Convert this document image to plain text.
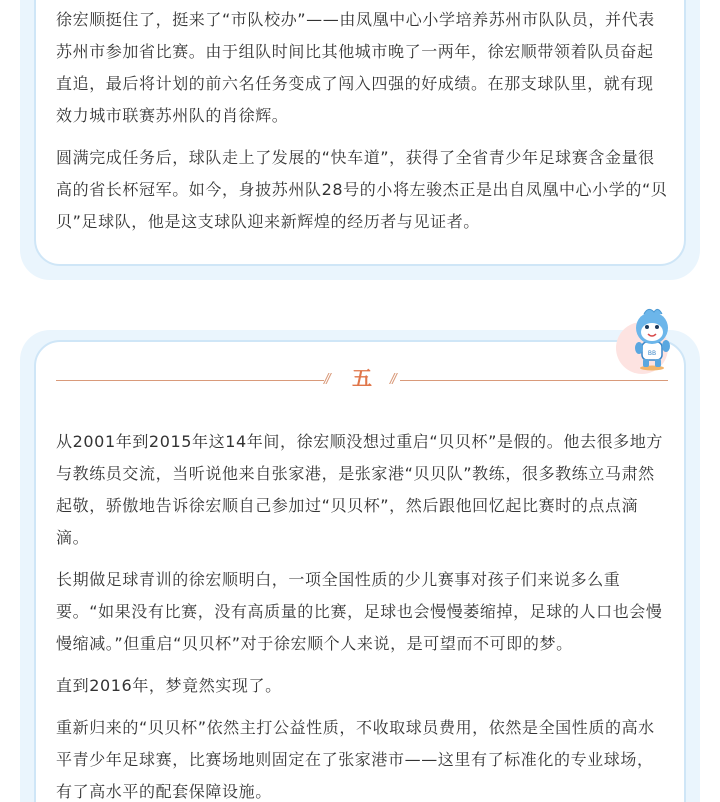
徐宏顺挺住了，挺来了“市队校办”——由凤凰中心小学培养苏州市队队员，并代表苏州市参加省比赛。由于组队时间比其他城市晚了一两年，徐宏顺带领着队员奋起直追，最后将计划的前六名任务变成了闯入四强的好成绩。在那支球队里，就有现效力城市联赛苏州队的肖徐辉。

圆满完成任务后，球队走上了发展的“快车道”，获得了全省青少年足球赛含金量很高的省长杯冠军。如今，身披苏州队28号的小将左骏杰正是出自凤凰中心小学的“贝贝”足球队，他是这支球队迎来新辉煌的经历者与见证者。

BB
//	五	//

从2001年到2015年这14年间，徐宏顺没想过重启“贝贝杯”是假的。他去很多地方与教练员交流，当听说他来自张家港，是张家港“贝贝队”教练，很多教练立马肃然起敬，骄傲地告诉徐宏顺自己参加过“贝贝杯”，然后跟他回忆起比赛时的点点滴滴。

长期做足球青训的徐宏顺明白，一项全国性质的少儿赛事对孩子们来说多么重要。“如果没有比赛，没有高质量的比赛，足球也会慢慢萎缩掉，足球的人口也会慢慢缩减。”但重启“贝贝杯”对于徐宏顺个人来说，是可望而不可即的梦。

直到2016年，梦竟然实现了。

重新归来的“贝贝杯”依然主打公益性质，不收取球员费用，依然是全国性质的高水平青少年足球赛，比赛场地则固定在了张家港市——这里有了标准化的专业球场，有了高水平的配套保障设施。
